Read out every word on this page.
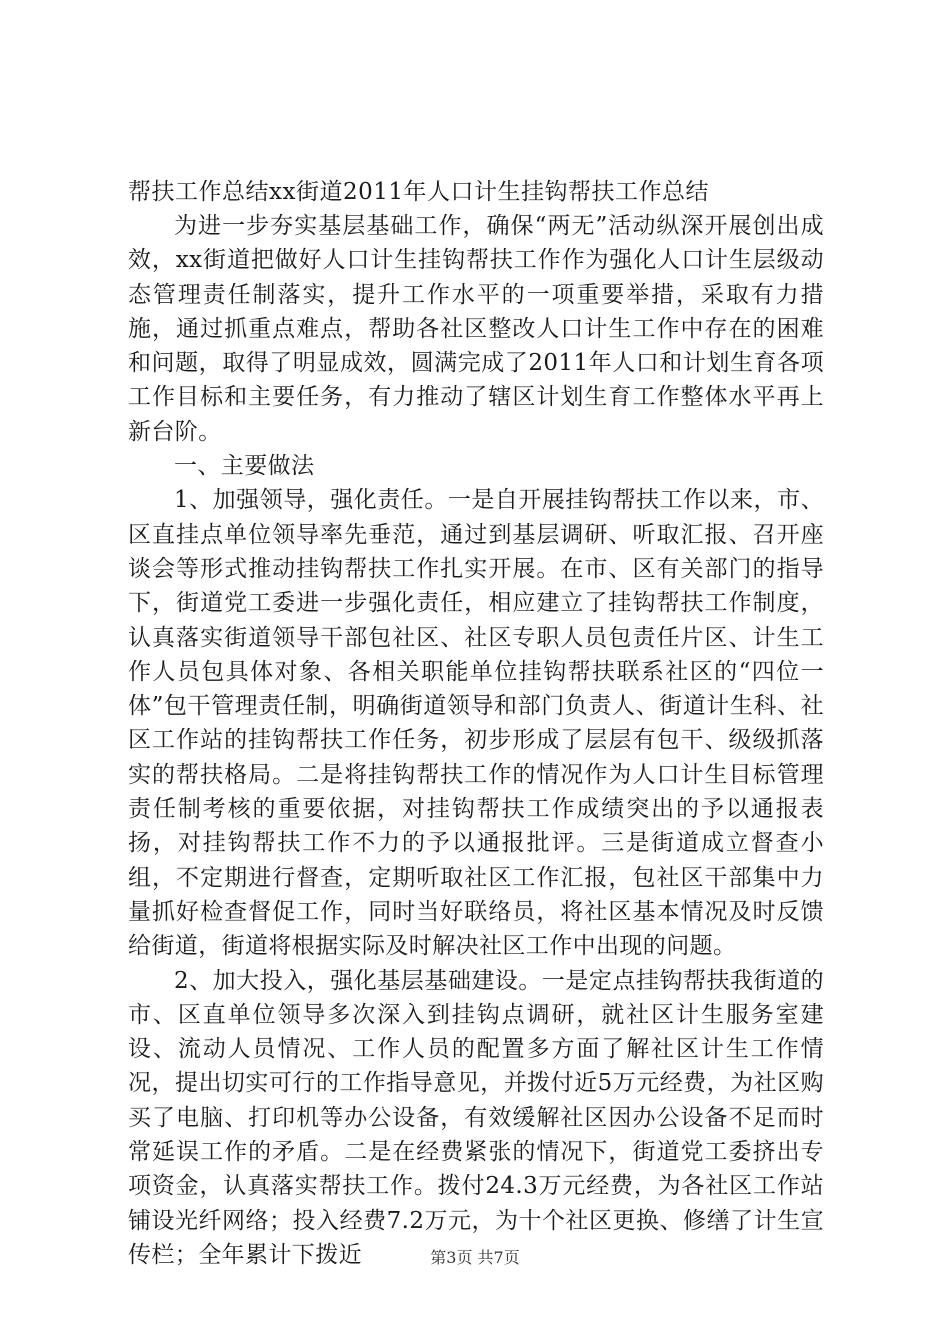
帮扶工作总结xx街道2011年人口计生挂钩帮扶工作总结

为进一步夯实基层基础工作，确保“两无”活动纵深开展创出成效，xx街道把做好人口计生挂钩帮扶工作作为强化人口计生层级动态管理责任制落实，提升工作水平的一项重要举措，采取有力措施，通过抓重点难点，帮助各社区整改人口计生工作中存在的困难和问题，取得了明显成效，圆满完成了2011年人口和计划生育各项工作目标和主要任务，有力推动了辖区计划生育工作整体水平再上新台阶。

一、主要做法

1、加强领导，强化责任。一是自开展挂钩帮扶工作以来，市、区直挂点单位领导率先垂范，通过到基层调研、听取汇报、召开座谈会等形式推动挂钩帮扶工作扎实开展。在市、区有关部门的指导下，街道党工委进一步强化责任，相应建立了挂钩帮扶工作制度，认真落实街道领导干部包社区、社区专职人员包责任片区、计生工作人员包具体对象、各相关职能单位挂钩帮扶联系社区的“四位一体”包干管理责任制，明确街道领导和部门负责人、街道计生科、社区工作站的挂钩帮扶工作任务，初步形成了层层有包干、级级抓落实的帮扶格局。二是将挂钩帮扶工作的情况作为人口计生目标管理责任制考核的重要依据，对挂钩帮扶工作成绩突出的予以通报表扬，对挂钩帮扶工作不力的予以通报批评。三是街道成立督查小组，不定期进行督查，定期听取社区工作汇报，包社区干部集中力量抓好检查督促工作，同时当好联络员，将社区基本情况及时反馈给街道，街道将根据实际及时解决社区工作中出现的问题。

2、加大投入，强化基层基础建设。一是定点挂钩帮扶我街道的市、区直单位领导多次深入到挂钩点调研，就社区计生服务室建设、流动人员情况、工作人员的配置多方面了解社区计生工作情况，提出切实可行的工作指导意见，并拨付近5万元经费，为社区购买了电脑、打印机等办公设备，有效缓解社区因办公设备不足而时常延误工作的矛盾。二是在经费紧张的情况下，街道党工委挤出专项资金，认真落实帮扶工作。拨付24.3万元经费，为各社区工作站铺设光纤网络；投入经费7.2万元，为十个社区更换、修缮了计生宣传栏；全年累计下拨近	第3页 共7页
